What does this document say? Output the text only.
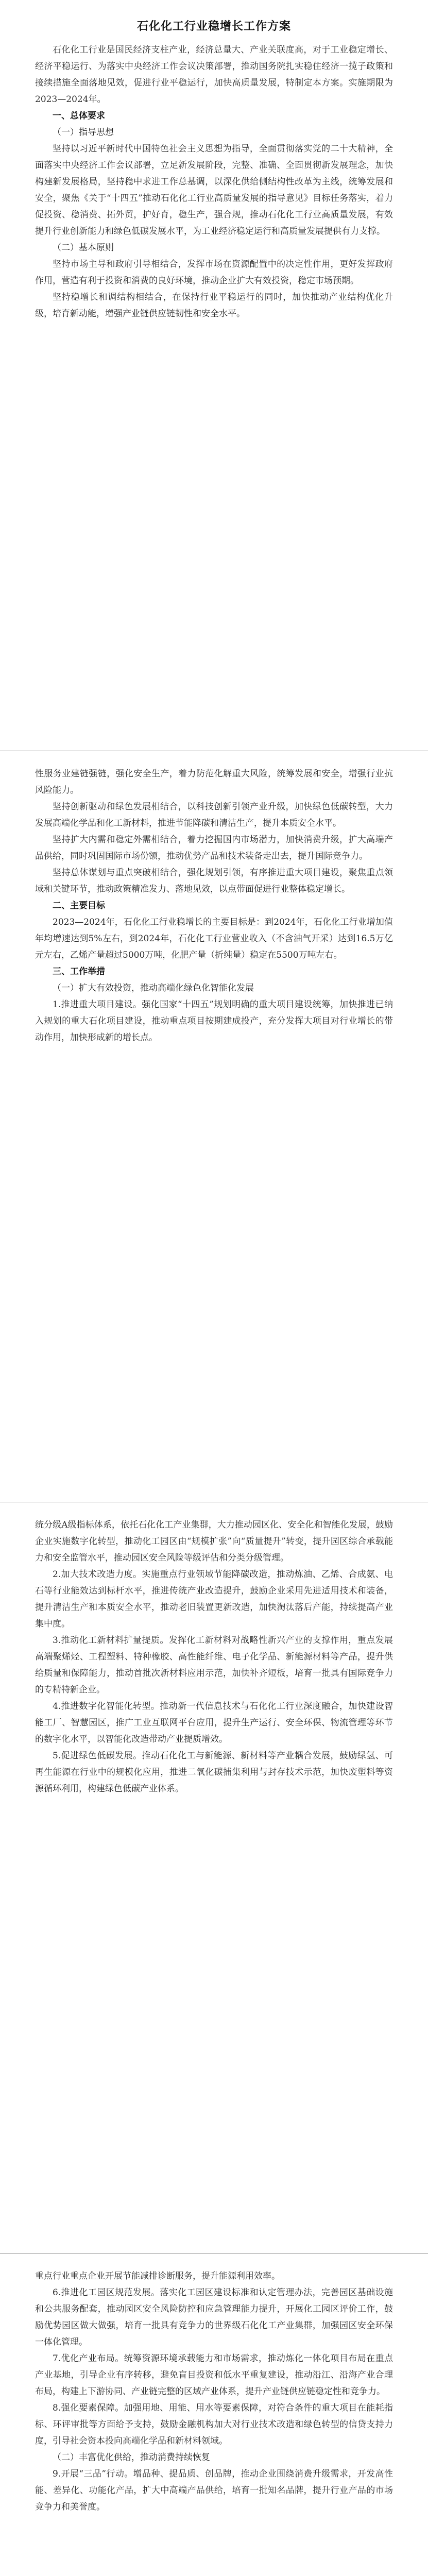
石化化工行业稳增长工作方案

石化化工行业是国民经济支柱产业，经济总量大、产业关联度高，对于工业稳定增长、经济平稳运行、为落实中央经济工作会议决策部署，推动国务院扎实稳住经济一揽子政策和接续措施全面落地见效，促进行业平稳运行，加快高质量发展，特制定本方案。实施期限为2023—2024年。

一、总体要求
（一）指导思想

坚持以习近平新时代中国特色社会主义思想为指导，全面贯彻落实党的二十大精神，全面落实中央经济工作会议部署，立足新发展阶段，完整、准确、全面贯彻新发展理念，加快构建新发展格局，坚持稳中求进工作总基调，以深化供给侧结构性改革为主线，统筹发展和安全，聚焦《关于“十四五”推动石化化工行业高质量发展的指导意见》目标任务落实，着力促投资、稳消费、拓外贸，护好育，稳生产，强合规，推动石化化工行业高质量发展，有效提升行业创新能力和绿色低碳发展水平，为工业经济稳定运行和高质量发展提供有力支撑。

（二）基本原则

坚持市场主导和政府引导相结合，发挥市场在资源配置中的决定性作用，更好发挥政府作用，营造有利于投资和消费的良好环境，推动企业扩大有效投资，稳定市场预期。

坚持稳增长和调结构相结合，在保持行业平稳运行的同时，加快推动产业结构优化升级，培育新动能，增强产业链供应链韧性和安全水平。

性服务业建链强链，强化安全生产，着力防范化解重大风险，统筹发展和安全，增强行业抗风险能力。

坚持创新驱动和绿色发展相结合，以科技创新引领产业升级，加快绿色低碳转型，大力发展高端化学品和化工新材料，推进节能降碳和清洁生产，提升本质安全水平。

坚持扩大内需和稳定外需相结合，着力挖掘国内市场潜力，加快消费升级，扩大高端产品供给，同时巩固国际市场份额，推动优势产品和技术装备走出去，提升国际竞争力。

坚持总体谋划与重点突破相结合，强化规划引领，有序推进重大项目建设，聚焦重点领域和关键环节，推动政策精准发力、落地见效，以点带面促进行业整体稳定增长。

二、主要目标

2023—2024年，石化化工行业稳增长的主要目标是：到2024年，石化化工行业增加值年均增速达到5%左右，到2024年，石化化工行业营业收入（不含油气开采）达到16.5万亿元左右，乙烯产量超过5000万吨，化肥产量（折纯量）稳定在5500万吨左右。

三、工作举措
（一）扩大有效投资，推动高端化绿色化智能化发展

1.推进重大项目建设。强化国家“十四五”规划明确的重大项目建设统筹，加快推进已纳入规划的重大石化项目建设，推动重点项目按期建成投产，充分发挥大项目对行业增长的带动作用，加快形成新的增长点。

统分级A级指标体系，依托石化化工产业集群，大力推动园区化、安全化和智能化发展，鼓励企业实施数字化转型，推动化工园区由“规模扩张”向“质量提升”转变，提升园区综合承载能力和安全监管水平，推动园区安全风险等级评估和分类分级管理。

2.加大技术改造力度。实施重点行业领域节能降碳改造，推动炼油、乙烯、合成氨、电石等行业能效达到标杆水平，推进传统产业改造提升，鼓励企业采用先进适用技术和装备，提升清洁生产和本质安全水平，推动老旧装置更新改造，加快淘汰落后产能，持续提高产业集中度。

3.推动化工新材料扩量提质。发挥化工新材料对战略性新兴产业的支撑作用，重点发展高端聚烯烃、工程塑料、特种橡胶、高性能纤维、电子化学品、新能源材料等产品，提升供给质量和保障能力，推动首批次新材料应用示范，加快补齐短板，培育一批具有国际竞争力的专精特新企业。

4.推进数字化智能化转型。推动新一代信息技术与石化化工行业深度融合，加快建设智能工厂、智慧园区，推广工业互联网平台应用，提升生产运行、安全环保、物流管理等环节的数字化水平，以智能化改造带动产业提质增效。

5.促进绿色低碳发展。推动石化化工与新能源、新材料等产业耦合发展，鼓励绿氢、可再生能源在行业中的规模化应用，推进二氧化碳捕集利用与封存技术示范，加快废塑料等资源循环利用，构建绿色低碳产业体系。

重点行业重点企业开展节能减排诊断服务，提升能源利用效率。

6.推进化工园区规范发展。落实化工园区建设标准和认定管理办法，完善园区基础设施和公共服务配套，推动园区安全风险防控和应急管理能力提升，开展化工园区评价工作，鼓励优势园区做大做强，培育一批具有竞争力的世界级石化化工产业集群，加强园区安全环保一体化管理。

7.优化产业布局。统筹资源环境承载能力和市场需求，推动炼化一体化项目布局在重点产业基地，引导企业有序转移，避免盲目投资和低水平重复建设，推动沿江、沿海产业合理布局，构建上下游协同、产业链完整的区域产业体系，提升产业链供应链稳定性和竞争力。

8.强化要素保障。加强用地、用能、用水等要素保障，对符合条件的重大项目在能耗指标、环评审批等方面给予支持，鼓励金融机构加大对行业技术改造和绿色转型的信贷支持力度，引导社会资本投向高端化学品和新材料领域。

（二）丰富优化供给，推动消费持续恢复

9.开展“三品”行动。增品种、提品质、创品牌，推动企业围绕消费升级需求，开发高性能、差异化、功能化产品，扩大中高端产品供给，培育一批知名品牌，提升行业产品的市场竞争力和美誉度。
